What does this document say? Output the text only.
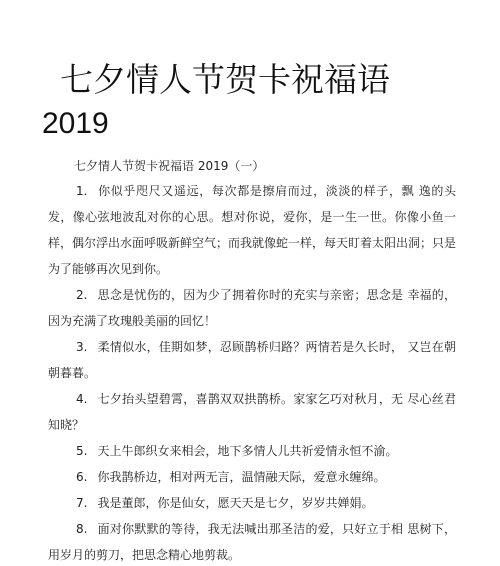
七夕情人节贺卡祝福语
2019
七夕情人节贺卡祝福语 2019（一）

1. 你似乎咫尺又遥远，每次都是擦肩而过，淡淡的样子，飘 逸的头发，像心弦地波乱对你的心思。想对你说，爱你，是一生一世。你像小鱼一样，偶尔浮出水面呼吸新鲜空气；而我就像蛇一样，每天盯着太阳出洞；只是为了能够再次见到你。

2. 思念是忧伤的，因为少了拥着你时的充实与亲密；思念是 幸福的，因为充满了玫瑰般美丽的回忆！

3. 柔情似水，佳期如梦，忍顾鹊桥归路？两情若是久长时， 又岂在朝朝暮暮。

4. 七夕抬头望碧霄，喜鹊双双拱鹊桥。家家乞巧对秋月，无 尽心丝君知晓？

5. 天上牛郎织女来相会，地下多情人儿共祈爱情永恒不渝。

6. 你我鹊桥边，相对两无言，温情融天际，爱意永缠绵。

7. 我是董郎，你是仙女，愿天天是七夕，岁岁共婵娟。

8. 面对你默默的等待，我无法喊出那圣洁的爱，只好立于相 思树下，用岁月的剪刀，把思念精心地剪裁。
